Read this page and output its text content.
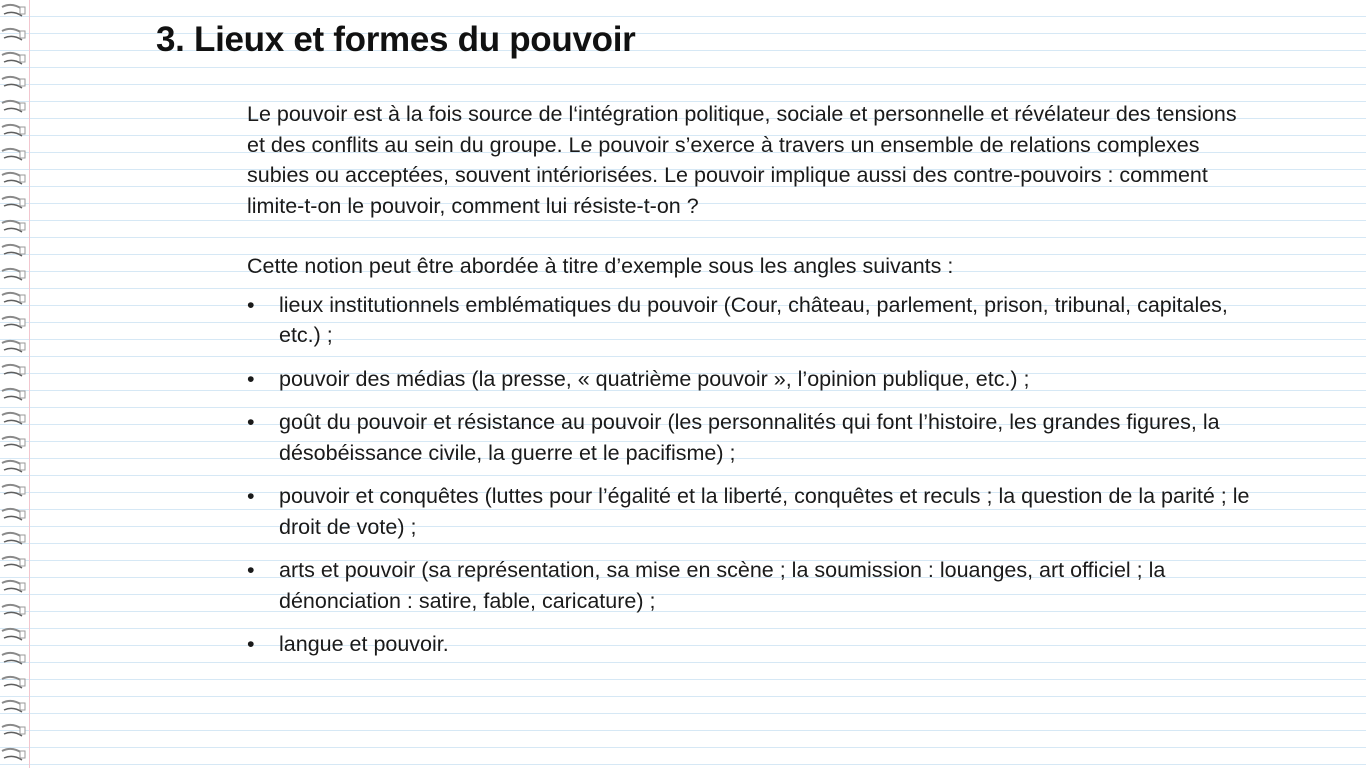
3. Lieux et formes du pouvoir

Le pouvoir est à la fois source de l‘intégration politique, sociale et personnelle et révélateur des tensions et des conflits au sein du groupe. Le pouvoir s’exerce à travers un ensemble de relations complexes subies ou acceptées, souvent intériorisées. Le pouvoir implique aussi des contre-pouvoirs : comment limite-t-on le pouvoir, comment lui résiste-t-on ?

Cette notion peut être abordée à titre d’exemple sous les angles suivants :

• lieux institutionnels emblématiques du pouvoir (Cour, château, parlement, prison, tribunal, capitales, etc.) ;
• pouvoir des médias (la presse, « quatrième pouvoir », l’opinion publique, etc.) ;
• goût du pouvoir et résistance au pouvoir (les personnalités qui font l’histoire, les grandes figures, la désobéissance civile, la guerre et le pacifisme) ;
• pouvoir et conquêtes (luttes pour l’égalité et la liberté, conquêtes et reculs ; la question de la parité ; le droit de vote) ;
• arts et pouvoir (sa représentation, sa mise en scène ; la soumission : louanges, art officiel ; la dénonciation : satire, fable, caricature) ;
• langue et pouvoir.
